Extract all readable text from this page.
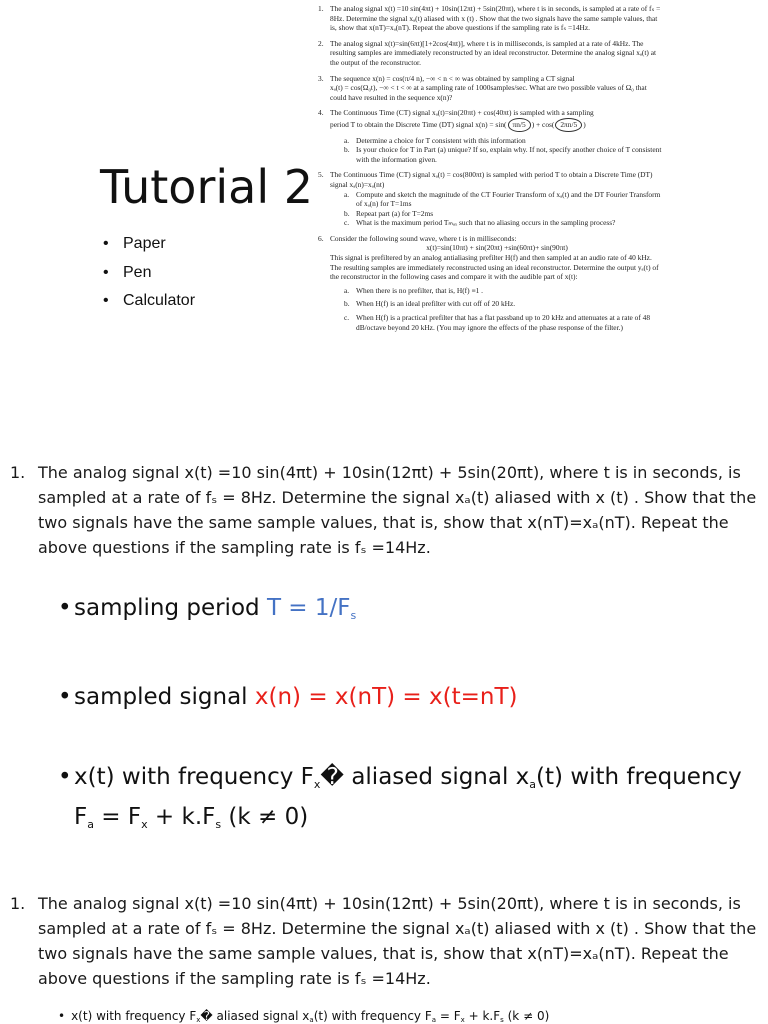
Tutorial 2
• Paper
• Pen
• Calculator
1. The analog signal x(t) =10 sin(4πt) + 10sin(12πt) + 5sin(20πt), where t is in seconds, is sampled at a rate of fₛ = 8Hz. Determine the signal xₐ(t) aliased with x (t) . Show that the two signals have the same sample values, that is, show that x(nT)=xₐ(nT). Repeat the above questions if the sampling rate is fₛ =14Hz.
2. The analog signal x(t)=sin(6πt)[1+2cos(4πt)], where t is in milliseconds, is sampled at a rate of 4kHz. The resulting samples are immediately reconstructed by an ideal reconstructor. Determine the analog signal xₐ(t) at the output of the reconstructor.
3. The sequence x(n) = cos(π/4 n), −∞ < n < ∞ was obtained by sampling a CT signal
xₐ(t) = cos(Ω₀t), −∞ < t < ∞ at a sampling rate of 1000samples/sec. What are two possible values of Ω₀ that could have resulted in the sequence x(n)?
4. The Continuous Time (CT) signal xₐ(t)=sin(20πt) + cos(40πt) is sampled with a sampling
period T to obtain the Discrete Time (DT) signal x(n) = sin( πn/5 ) + cos( 2πn/5 )
a. Determine a choice for T consistent with this information
b. Is your choice for T in Part (a) unique? If so, explain why. If not, specify another choice of T consistent with the information given.
5. The Continuous Time (CT) signal xₐ(t) = cos(800πt) is sampled with period T to obtain a Discrete Time (DT) signal xₐ(n)=xₐ(nt)
a. Compute and sketch the magnitude of the CT Fourier Transform of xₐ(t) and the DT Fourier Transform of xₐ(n) for T=1ms
b. Repeat part (a) for T=2ms
c. What is the maximum period Tₘₐₓ such that no aliasing occurs in the sampling process?
6. Consider the following sound wave, where t is in milliseconds:
x(t)=sin(10πt) + sin(20πt) +sin(60πt)+ sin(90πt)
This signal is prefiltered by an analog antialiasing prefilter H(f) and then sampled at an audio rate of 40 kHz. The resulting samples are immediately reconstructed using an ideal reconstructor. Determine the output yₐ(t) of the reconstructor in the following cases and compare it with the audible part of x(t):
a. When there is no prefilter, that is, H(f) ≡1 .
b. When H(f) is an ideal prefilter with cut off of 20 kHz.
c. When H(f) is a practical prefilter that has a flat passband up to 20 kHz and attenuates at a rate of 48 dB/octave beyond 20 kHz. (You may ignore the effects of the phase response of the filter.)
1. The analog signal x(t) =10 sin(4πt) + 10sin(12πt) + 5sin(20πt), where t is in seconds, is sampled at a rate of fₛ = 8Hz. Determine the signal xₐ(t) aliased with x (t) . Show that the two signals have the same sample values, that is, show that x(nT)=xₐ(nT). Repeat the above questions if the sampling rate is fₛ =14Hz.
• sampling period $T = 1/F_s$
• sampled signal x(n) = x(nT) = x(t=nT)
• x(t) with frequency $F_x�$ aliased signal $x_a(t)$ with frequency $F_a = F_x + k.F_s$ (k ≠ 0)
1. The analog signal x(t) =10 sin(4πt) + 10sin(12πt) + 5sin(20πt), where t is in seconds, is sampled at a rate of fₛ = 8Hz. Determine the signal xₐ(t) aliased with x (t) . Show that the two signals have the same sample values, that is, show that x(nT)=xₐ(nT). Repeat the above questions if the sampling rate is fₛ =14Hz.
• x(t) with frequency $F_x�$ aliased signal $x_a(t)$ with frequency $F_a = F_x + k.F_s$ (k ≠ 0)
